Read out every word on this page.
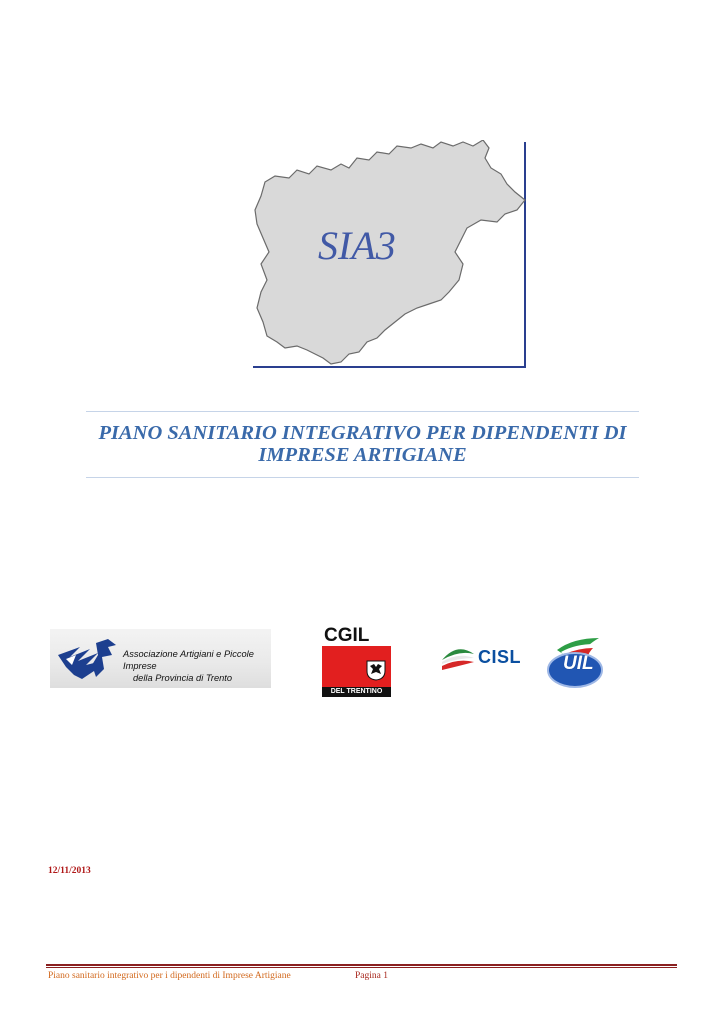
SIA3
PIANO SANITARIO INTEGRATIVO PER DIPENDENTI DI
IMPRESE ARTIGIANE
Associazione Artigiani e Piccole Imprese
della Provincia di Trento
CGIL
DEL TRENTINO
CISL UIL
12/11/2013
Piano sanitario integrativo per i dipendenti di Imprese Artigiane	Pagina 1
